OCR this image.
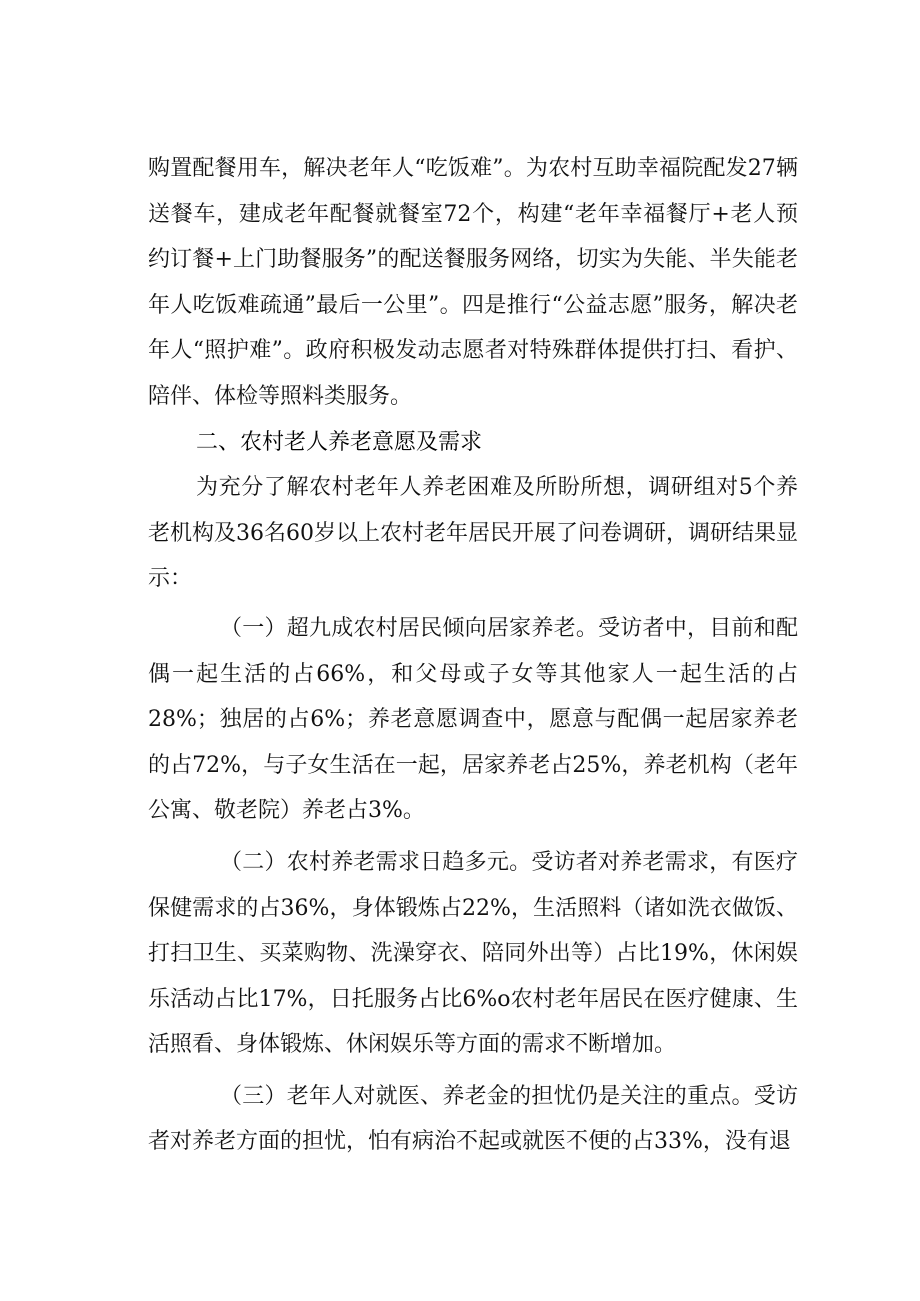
购置配餐用车，解决老年人“吃饭难”。为农村互助幸福院配发27辆送餐车，建成老年配餐就餐室72个，构建“老年幸福餐厅+老人预约订餐+上门助餐服务”的配送餐服务网络，切实为失能、半失能老年人吃饭难疏通”最后一公里”。四是推行“公益志愿”服务，解决老年人“照护难”。政府积极发动志愿者对特殊群体提供打扫、看护、陪伴、体检等照料类服务。

二、农村老人养老意愿及需求

为充分了解农村老年人养老困难及所盼所想，调研组对5个养老机构及36名60岁以上农村老年居民开展了问卷调研，调研结果显示：

（一）超九成农村居民倾向居家养老。受访者中，目前和配偶一起生活的占66%，和父母或子女等其他家人一起生活的占28%；独居的占6%；养老意愿调查中，愿意与配偶一起居家养老的占72%，与子女生活在一起，居家养老占25%，养老机构（老年公寓、敬老院）养老占3%。

（二）农村养老需求日趋多元。受访者对养老需求，有医疗保健需求的占36%，身体锻炼占22%，生活照料（诸如洗衣做饭、打扫卫生、买菜购物、洗澡穿衣、陪同外出等）占比19%，休闲娱乐活动占比17%，日托服务占比6%o农村老年居民在医疗健康、生活照看、身体锻炼、休闲娱乐等方面的需求不断增加。

（三）老年人对就医、养老金的担忧仍是关注的重点。受访者对养老方面的担忧，怕有病治不起或就医不便的占33%，没有退
